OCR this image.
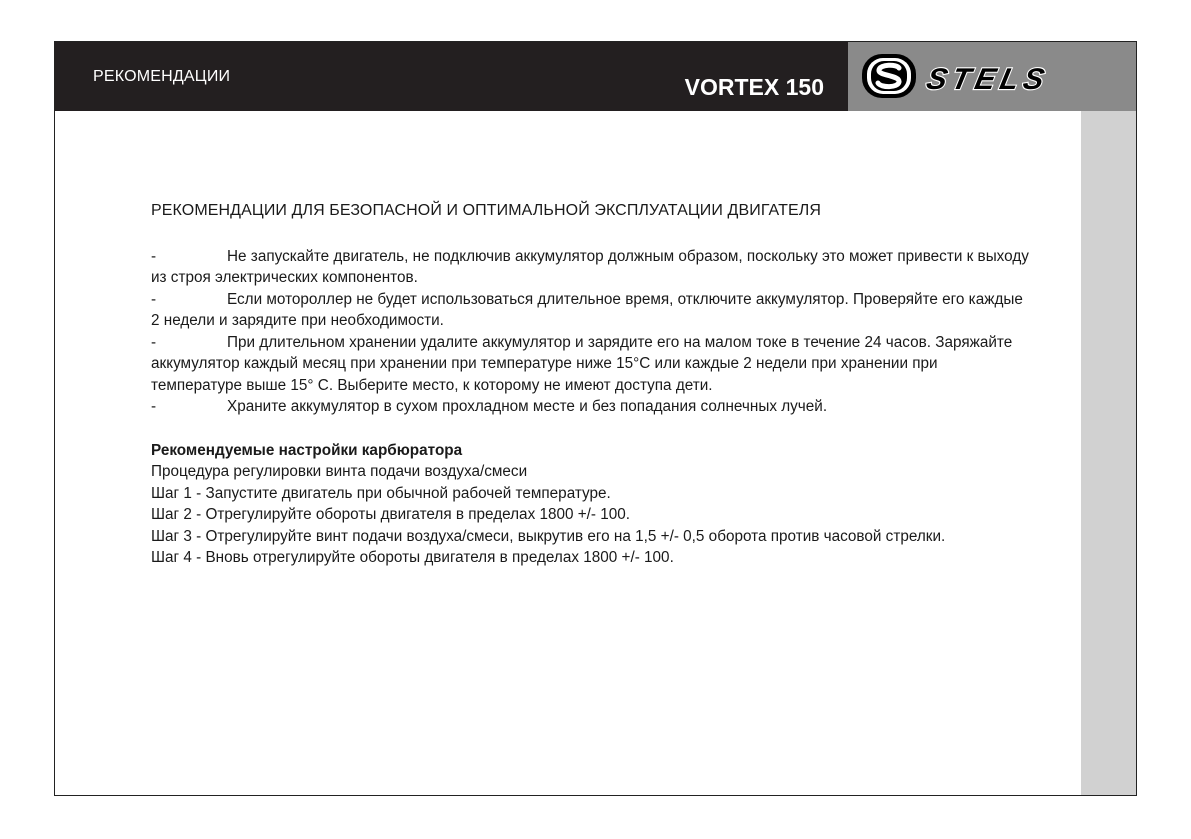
РЕКОМЕНДАЦИИ	VORTEX 150	STELS

РЕКОМЕНДАЦИИ ДЛЯ БЕЗОПАСНОЙ И ОПТИМАЛЬНОЙ ЭКСПЛУАТАЦИИ ДВИГАТЕЛЯ

-	Не запускайте двигатель, не подключив аккумулятор должным образом, поскольку это может привести к выходу из строя электрических компонентов.

-	Если мотороллер не будет использоваться длительное время, отключите аккумулятор. Проверяйте его каждые 2 недели и зарядите при необходимости.

-	При длительном хранении удалите аккумулятор и зарядите его на малом токе в течение 24 часов. Заряжайте аккумулятор каждый месяц при хранении при температуре ниже 15°C или каждые 2 недели при хранении при температуре выше 15° С. Выберите место, к которому не имеют доступа дети.

-	Храните аккумулятор в сухом прохладном месте и без попадания солнечных лучей.

Рекомендуемые настройки карбюратора

Процедура регулировки винта подачи воздуха/смеси

Шаг 1 - Запустите двигатель при обычной рабочей температуре.

Шаг 2 - Отрегулируйте обороты двигателя в пределах 1800 +/- 100.

Шаг 3 - Отрегулируйте винт подачи воздуха/смеси, выкрутив его на 1,5 +/- 0,5 оборота против часовой стрелки.

Шаг 4 - Вновь отрегулируйте обороты двигателя в пределах 1800 +/- 100.
